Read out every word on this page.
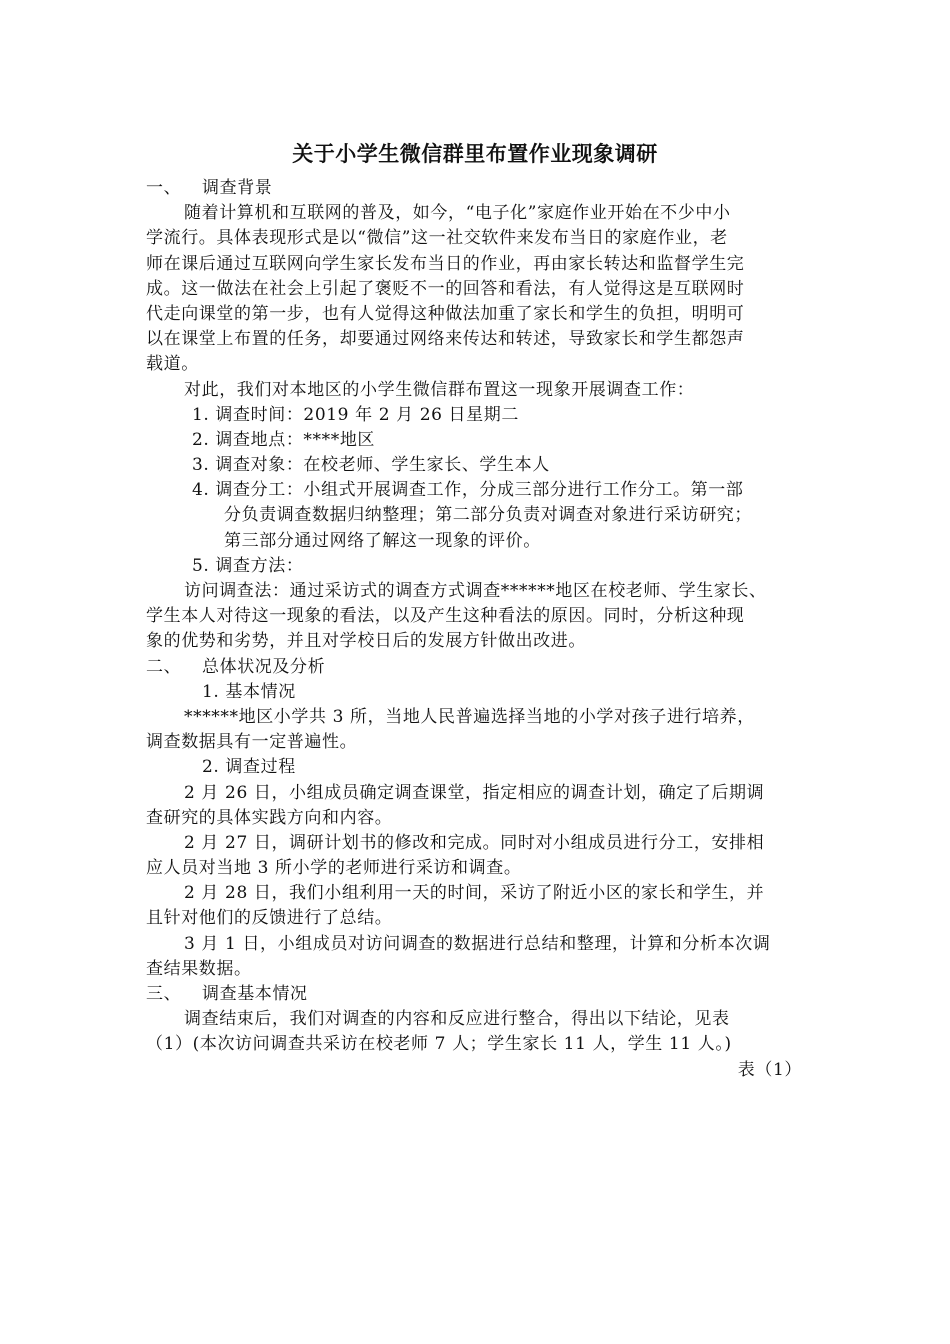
关于小学生微信群里布置作业现象调研
一、 调查背景
随着计算机和互联网的普及，如今，“电子化”家庭作业开始在不少中小
学流行。具体表现形式是以“微信”这一社交软件来发布当日的家庭作业，老
师在课后通过互联网向学生家长发布当日的作业，再由家长转达和监督学生完
成。这一做法在社会上引起了褒贬不一的回答和看法，有人觉得这是互联网时
代走向课堂的第一步，也有人觉得这种做法加重了家长和学生的负担，明明可
以在课堂上布置的任务，却要通过网络来传达和转述，导致家长和学生都怨声
载道。
对此，我们对本地区的小学生微信群布置这一现象开展调查工作：
1. 调查时间：2019 年 2 月 26 日星期二
2. 调查地点：****地区
3. 调查对象：在校老师、学生家长、学生本人
4. 调查分工：小组式开展调查工作，分成三部分进行工作分工。第一部
分负责调查数据归纳整理；第二部分负责对调查对象进行采访研究；
第三部分通过网络了解这一现象的评价。
5. 调查方法：
访问调查法：通过采访式的调查方式调查******地区在校老师、学生家长、
学生本人对待这一现象的看法，以及产生这种看法的原因。同时，分析这种现
象的优势和劣势，并且对学校日后的发展方针做出改进。
二、 总体状况及分析
1. 基本情况
******地区小学共 3 所，当地人民普遍选择当地的小学对孩子进行培养，
调查数据具有一定普遍性。
2. 调查过程
2 月 26 日，小组成员确定调查课堂，指定相应的调查计划，确定了后期调
查研究的具体实践方向和内容。
2 月 27 日，调研计划书的修改和完成。同时对小组成员进行分工，安排相
应人员对当地 3 所小学的老师进行采访和调查。
2 月 28 日，我们小组利用一天的时间，采访了附近小区的家长和学生，并
且针对他们的反馈进行了总结。
3 月 1 日，小组成员对访问调查的数据进行总结和整理，计算和分析本次调
查结果数据。
三、 调查基本情况
调查结束后，我们对调查的内容和反应进行整合，得出以下结论，见表
（1）(本次访问调查共采访在校老师 7 人；学生家长 11 人，学生 11 人。)
表（1）
